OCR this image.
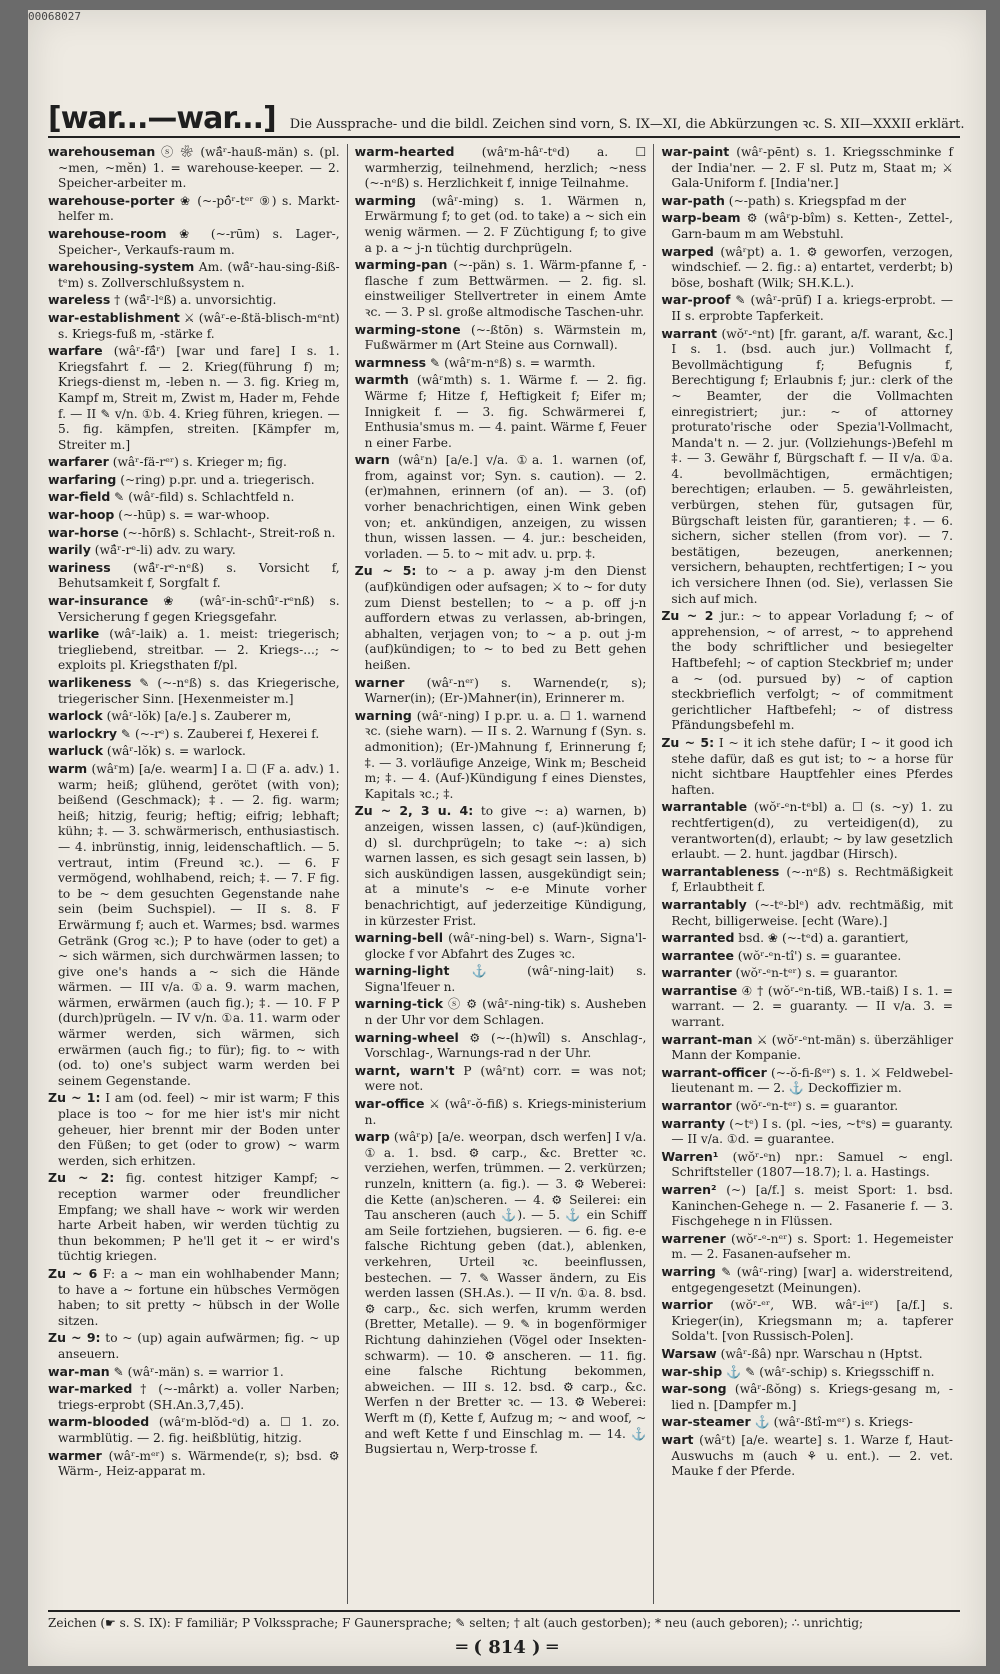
00068027
[war...—war...] Die Aussprache- und die bildl. Zeichen sind vorn, S. IX—XI, die Abkürzungen ꝛc. S. XII—XXXII erklärt.

warehouseman ⓢ ❀ (wä̂ʳ-hauß-män) s. (pl. ~men, ~mĕn) 1. = warehouse-keeper. — 2. Speicher-arbeiter m.

warehouse-porter ❀ (~-pō̂ʳ-tᵉʳ ⑨) s. Markt-helfer m.

warehouse-room ❀ (~-rūm) s. Lager-, Speicher-, Verkaufs-raum m.

warehousing-system Am. (wä̂ʳ-hau-sing-ßiß-tᵉm) s. Zollverschlußsystem n.

wareless † (wä̂ʳ-lᵉß) a. unvorsichtig.

war-establishment ⚔ (wâʳ-e-ßtä-blisch-mᵉnt) s. Kriegs-fuß m, -stärke f.

warfare (wâʳ-fä̂ʳ) [war und fare] I s. 1. Kriegsfahrt f. — 2. Krieg(führung f) m; Kriegs-dienst m, -leben n. — 3. fig. Krieg m, Kampf m, Streit m, Zwist m, Hader m, Fehde f. — II ✎ v/n. ①b. 4. Krieg führen, kriegen. — 5. fig. kämpfen, streiten. [Kämpfer m, Streiter m.]

warfarer (wâʳ-fä-rᵉʳ) s. Krieger m; fig.

warfaring (~ring) p.pr. und a. triegerisch.

war-field ✎ (wâʳ-fild) s. Schlachtfeld n.

war-hoop (~-hūp) s. = war-whoop.

war-horse (~-hōrß) s. Schlacht-, Streit-roß n.

warily (wä̂ʳ-rᵉ-li) adv. zu wary.

wariness (wä̂ʳ-rᵉ-nᵉß) s. Vorsicht f, Behutsamkeit f, Sorgfalt f.

war-insurance ❀ (wâʳ-in-schū̂ʳ-rᵉnß) s. Versicherung f gegen Kriegsgefahr.

warlike (wâʳ-laik) a. 1. meist: triegerisch; triegliebend, streitbar. — 2. Kriegs-...; ~ exploits pl. Kriegsthaten f/pl.

warlikeness ✎ (~-nᵉß) s. das Kriegerische, triegerischer Sinn. [Hexenmeister m.]

warlock (wâʳ-lŏk) [a/e.] s. Zauberer m,

warlockry ✎ (~-rᵉ) s. Zauberei f, Hexerei f.

warluck (wâʳ-lŏk) s. = warlock.

warm (wâʳm) [a/e. wearm] I a. ☐ (F a. adv.) 1. warm; heiß; glühend, gerötet (with von); beißend (Geschmack); ‡. — 2. fig. warm; heiß; hitzig, feurig; heftig; eifrig; lebhaft; kühn; ‡. — 3. schwärmerisch, enthusiastisch. — 4. inbrünstig, innig, leidenschaftlich. — 5. vertraut, intim (Freund ꝛc.). — 6. F vermögend, wohlhabend, reich; ‡. — 7. F fig. to be ~ dem gesuchten Gegenstande nahe sein (beim Suchspiel). — II s. 8. F Erwärmung f; auch et. Warmes; bsd. warmes Getränk (Grog ꝛc.); P to have (oder to get) a ~ sich wärmen, sich durchwärmen lassen; to give one's hands a ~ sich die Hände wärmen. — III v/a. ①a. 9. warm machen, wärmen, erwärmen (auch fig.); ‡. — 10. F P (durch)prügeln. — IV v/n. ①a. 11. warm oder wärmer werden, sich wärmen, sich erwärmen (auch fig.; to für); fig. to ~ with (od. to) one's subject warm werden bei seinem Gegenstande.

Zu ~ 1: I am (od. feel) ~ mir ist warm; F this place is too ~ for me hier ist's mir nicht geheuer, hier brennt mir der Boden unter den Füßen; to get (oder to grow) ~ warm werden, sich erhitzen.

Zu ~ 2: fig. contest hitziger Kampf; ~ reception warmer oder freundlicher Empfang; we shall have ~ work wir werden harte Arbeit haben, wir werden tüchtig zu thun bekommen; P he'll get it ~ er wird's tüchtig kriegen.

Zu ~ 6 F: a ~ man ein wohlhabender Mann; to have a ~ fortune ein hübsches Vermögen haben; to sit pretty ~ hübsch in der Wolle sitzen.

Zu ~ 9: to ~ (up) again aufwärmen; fig. ~ up anseuern.

war-man ✎ (wâʳ-män) s. = warrior 1.

war-marked † (~-mârkt) a. voller Narben; triegs-erprobt (SH.An.3,7,45).

warm-blooded (wâʳm-blŏd-ᵉd) a. ☐ 1. zo. warmblütig. — 2. fig. heißblütig, hitzig.

warmer (wâʳ-mᵉʳ) s. Wärmende(r, s); bsd. ⚙ Wärm-, Heiz-apparat m.

warm-hearted (wâʳm-hâʳ-tᵉd) a. ☐ warmherzig, teilnehmend, herzlich; ~ness (~-nᵉß) s. Herzlichkeit f, innige Teilnahme.

warming (wâʳ-ming) s. 1. Wärmen n, Erwärmung f; to get (od. to take) a ~ sich ein wenig wärmen. — 2. F Züchtigung f; to give a p. a ~ j-n tüchtig durchprügeln.

warming-pan (~-pän) s. 1. Wärm-pfanne f, -flasche f zum Bettwärmen. — 2. fig. sl. einstweiliger Stellvertreter in einem Amte ꝛc. — 3. P sl. große altmodische Taschen-uhr.

warming-stone (~-ßtōn) s. Wärmstein m, Fußwärmer m (Art Steine aus Cornwall).

warmness ✎ (wâʳm-nᵉß) s. = warmth.

warmth (wâʳmth) s. 1. Wärme f. — 2. fig. Wärme f; Hitze f, Heftigkeit f; Eifer m; Innigkeit f. — 3. fig. Schwärmerei f, Enthusia'smus m. — 4. paint. Wärme f, Feuer n einer Farbe.

warn (wâʳn) [a/e.] v/a. ①a. 1. warnen (of, from, against vor; Syn. s. caution). — 2. (er)mahnen, erinnern (of an). — 3. (of) vorher benachrichtigen, einen Wink geben von; et. ankündigen, anzeigen, zu wissen thun, wissen lassen. — 4. jur.: bescheiden, vorladen. — 5. to ~ mit adv. u. prp. ‡.

Zu ~ 5: to ~ a p. away j-m den Dienst (auf)kündigen oder aufsagen; ⚔ to ~ for duty zum Dienst bestellen; to ~ a p. off j-n auffordern etwas zu verlassen, ab-bringen, abhalten, verjagen von; to ~ a p. out j-m (auf)kündigen; to ~ to bed zu Bett gehen heißen.

warner (wâʳ-nᵉʳ) s. Warnende(r, s); Warner(in); (Er-)Mahner(in), Erinnerer m.

warning (wâʳ-ning) I p.pr. u. a. ☐ 1. warnend ꝛc. (siehe warn). — II s. 2. Warnung f (Syn. s. admonition); (Er-)Mahnung f, Erinnerung f; ‡. — 3. vorläufige Anzeige, Wink m; Bescheid m; ‡. — 4. (Auf-)Kündigung f eines Dienstes, Kapitals ꝛc.; ‡.

Zu ~ 2, 3 u. 4: to give ~: a) warnen, b) anzeigen, wissen lassen, c) (auf-)kündigen, d) sl. durchprügeln; to take ~: a) sich warnen lassen, es sich gesagt sein lassen, b) sich auskündigen lassen, ausgekündigt sein; at a minute's ~ e-e Minute vorher benachrichtigt, auf jederzeitige Kündigung, in kürzester Frist.

warning-bell (wâʳ-ning-bel) s. Warn-, Signa'l-glocke f vor Abfahrt des Zuges ꝛc.

warning-light ⚓ (wâʳ-ning-lait) s. Signa'lfeuer n.

warning-tick ⓢ ⚙ (wâʳ-ning-tik) s. Ausheben n der Uhr vor dem Schlagen.

warning-wheel ⚙ (~-(h)wîl) s. Anschlag-, Vorschlag-, Warnungs-rad n der Uhr.

warnt, warn't P (wâʳnt) corr. = was not; were not.

war-office ⚔ (wâʳ-ŏ-fiß) s. Kriegs-ministerium n.

warp (wâʳp) [a/e. weorpan, dsch werfen] I v/a. ①a. 1. bsd. ⚙ carp., &c. Bretter ꝛc. verziehen, werfen, trümmen. — 2. verkürzen; runzeln, knittern (a. fig.). — 3. ⚙ Weberei: die Kette (an)scheren. — 4. ⚙ Seilerei: ein Tau anscheren (auch ⚓). — 5. ⚓ ein Schiff am Seile fortziehen, bugsieren. — 6. fig. e-e falsche Richtung geben (dat.), ablenken, verkehren, Urteil ꝛc. beeinflussen, bestechen. — 7. ✎ Wasser ändern, zu Eis werden lassen (SH.As.). — II v/n. ①a. 8. bsd. ⚙ carp., &c. sich werfen, krumm werden (Bretter, Metalle). — 9. ✎ in bogenförmiger Richtung dahinziehen (Vögel oder Insekten-schwarm). — 10. ⚙ anscheren. — 11. fig. eine falsche Richtung bekommen, abweichen. — III s. 12. bsd. ⚙ carp., &c. Werfen n der Bretter ꝛc. — 13. ⚙ Weberei: Werft m (f), Kette f, Aufzug m; ~ and woof, ~ and weft Kette f und Einschlag m. — 14. ⚓ Bugsiertau n, Werp-trosse f.

war-paint (wâʳ-pēnt) s. 1. Kriegsschminke f der India'ner. — 2. F sl. Putz m, Staat m; ⚔ Gala-Uniform f. [India'ner.]

war-path (~-path) s. Kriegspfad m der

warp-beam ⚙ (wâʳp-bîm) s. Ketten-, Zettel-, Garn-baum m am Webstuhl.

warped (wâʳpt) a. 1. ⚙ geworfen, verzogen, windschief. — 2. fig.: a) entartet, verderbt; b) böse, boshaft (Wilk; SH.K.L.).

war-proof ✎ (wâʳ-prūf) I a. kriegs-erprobt. — II s. erprobte Tapferkeit.

warrant (wŏʳ-ᵉnt) [fr. garant, a/f. warant, &c.] I s. 1. (bsd. auch jur.) Vollmacht f, Bevollmächtigung f; Befugnis f, Berechtigung f; Erlaubnis f; jur.: clerk of the ~ Beamter, der die Vollmachten einregistriert; jur.: ~ of attorney proturato'rische oder Spezia'l-Vollmacht, Manda't n. — 2. jur. (Vollziehungs-)Befehl m ‡. — 3. Gewähr f, Bürgschaft f. — II v/a. ①a. 4. bevollmächtigen, ermächtigen; berechtigen; erlauben. — 5. gewährleisten, verbürgen, stehen für, gutsagen für, Bürgschaft leisten für, garantieren; ‡. — 6. sichern, sicher stellen (from vor). — 7. bestätigen, bezeugen, anerkennen; versichern, behaupten, rechtfertigen; I ~ you ich versichere Ihnen (od. Sie), verlassen Sie sich auf mich.

Zu ~ 2 jur.: ~ to appear Vorladung f; ~ of apprehension, ~ of arrest, ~ to apprehend the body schriftlicher und besiegelter Haftbefehl; ~ of caption Steckbrief m; under a ~ (od. pursued by) ~ of caption steckbrieflich verfolgt; ~ of commitment gerichtlicher Haftbefehl; ~ of distress Pfändungsbefehl m.

Zu ~ 5: I ~ it ich stehe dafür; I ~ it good ich stehe dafür, daß es gut ist; to ~ a horse für nicht sichtbare Hauptfehler eines Pferdes haften.

warrantable (wŏʳ-ᵉn-tᵉbl) a. ☐ (s. ~y) 1. zu rechtfertigen(d), zu verteidigen(d), zu verantworten(d), erlaubt; ~ by law gesetzlich erlaubt. — 2. hunt. jagdbar (Hirsch).

warrantableness (~-nᵉß) s. Rechtmäßigkeit f, Erlaubtheit f.

warrantably (~-tᵉ-blᵉ) adv. rechtmäßig, mit Recht, billigerweise. [echt (Ware).]

warranted bsd. ❀ (~-tᵉd) a. garantiert,

warrantee (wŏʳ-ᵉn-tî') s. = guarantee.

warranter (wŏʳ-ᵉn-tᵉʳ) s. = guarantor.

warrantise ④ † (wŏʳ-ᵉn-tiß, WB.-taiß) I s. 1. = warrant. — 2. = guaranty. — II v/a. 3. = warrant.

warrant-man ⚔ (wŏʳ-ᵉnt-män) s. überzähliger Mann der Kompanie.

warrant-officer (~-ŏ-fi-ßᵉʳ) s. 1. ⚔ Feldwebel-lieutenant m. — 2. ⚓ Deckoffizier m.

warrantor (wŏʳ-ᵉn-tᵉʳ) s. = guarantor.

warranty (~tᵉ) I s. (pl. ~ies, ~tᵉs) = guaranty. — II v/a. ①d. = guarantee.

Warren¹ (wŏʳ-ᵉn) npr.: Samuel ~ engl. Schriftsteller (1807—18.7); l. a. Hastings.

warren² (~) [a/f.] s. meist Sport: 1. bsd. Kaninchen-Gehege n. — 2. Fasanerie f. — 3. Fischgehege n in Flüssen.

warrener (wŏʳ-ᵉ-nᵉʳ) s. Sport: 1. Hegemeister m. — 2. Fasanen-aufseher m.

warring ✎ (wâʳ-ring) [war] a. widerstreitend, entgegengesetzt (Meinungen).

warrior (wŏʳ-ᵉʳ, WB. wâʳ-iᵉʳ) [a/f.] s. Krieger(in), Kriegsmann m; a. tapferer Solda't. [von Russisch-Polen].

Warsaw (wâʳ-ßâ) npr. Warschau n (Hptst.

war-ship ⚓ ✎ (wâʳ-schip) s. Kriegsschiff n.

war-song (wâʳ-ßŏng) s. Kriegs-gesang m, -lied n. [Dampfer m.]

war-steamer ⚓ (wâʳ-ßtî-mᵉʳ) s. Kriegs-

wart (wâʳt) [a/e. wearte] s. 1. Warze f, Haut-Auswuchs m (auch ⚘ u. ent.). — 2. vet. Mauke f der Pferde.

Zeichen (☛ s. S. IX): F familiär; P Volkssprache; F Gaunersprache; ✎ selten; † alt (auch gestorben); * neu (auch geboren); ∴ unrichtig;
═ ( 814 ) ═
